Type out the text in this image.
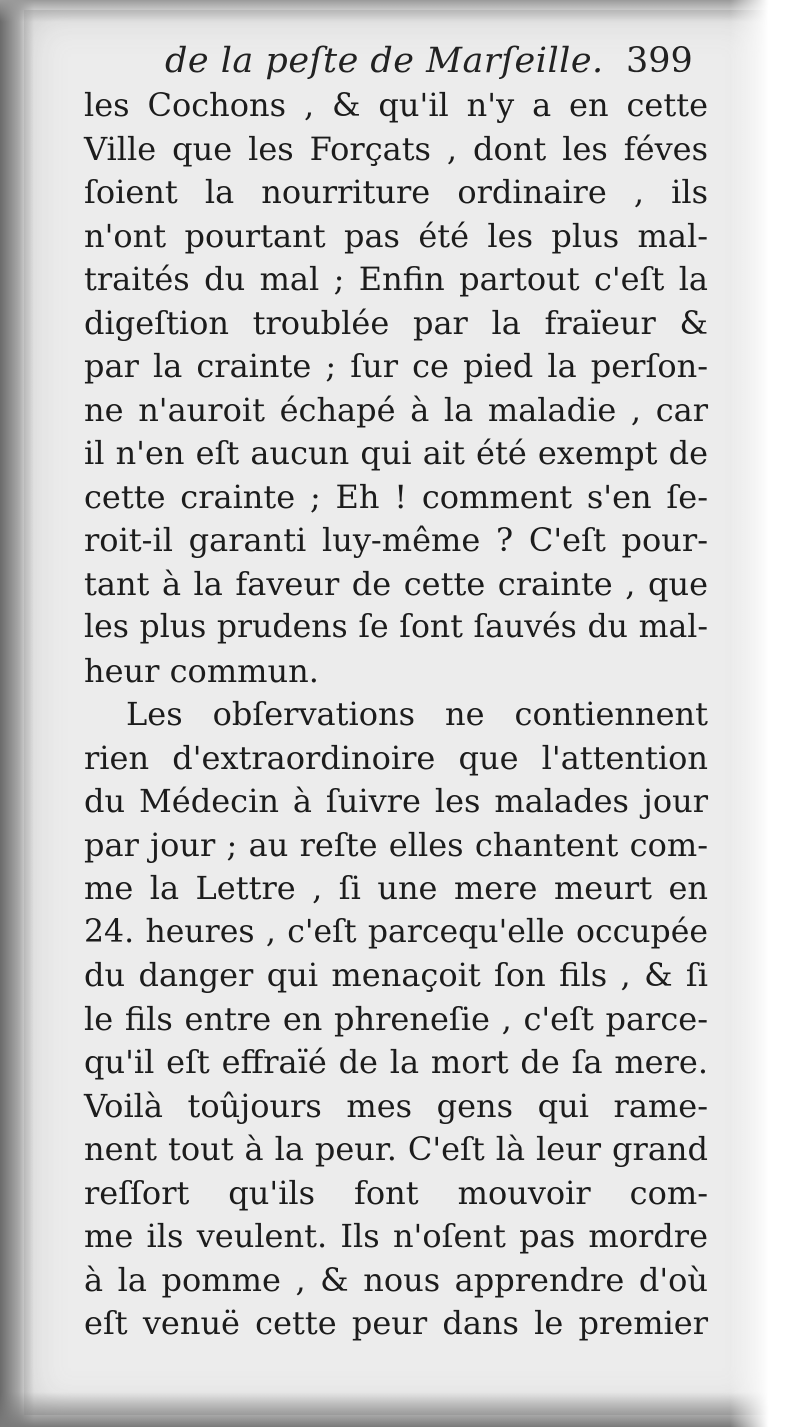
de la peſte de Marſeille. 399
les Cochons , & qu'il n'y a en cette
Ville que les Forçats , dont les féves
ſoient la nourriture ordinaire , ils
n'ont pourtant pas été les plus mal-
traités du mal ; Enfin partout c'eſt la
digeſtion troublée par la fraïeur &
par la crainte ; ſur ce pied la perſon-
ne n'auroit échapé à la maladie , car
il n'en eſt aucun qui ait été exempt de
cette crainte ; Eh ! comment s'en ſe-
roit-il garanti luy-même ? C'eſt pour-
tant à la faveur de cette crainte , que
les plus prudens ſe ſont ſauvés du mal-
heur commun.
Les obſervations ne contiennent
rien d'extraordinoire que l'attention
du Médecin à ſuivre les malades jour
par jour ; au reſte elles chantent com-
me la Lettre , ſi une mere meurt en
24. heures , c'eſt parcequ'elle occupée
du danger qui menaçoit ſon fils , & ſi
le fils entre en phreneſie , c'eſt parce-
qu'il eſt effraïé de la mort de ſa mere.
Voilà toûjours mes gens qui rame-
nent tout à la peur. C'eſt là leur grand
reſſort qu'ils font mouvoir com-
me ils veulent. Ils n'oſent pas mordre
à la pomme , & nous apprendre d'où
eſt venuë cette peur dans le premier
